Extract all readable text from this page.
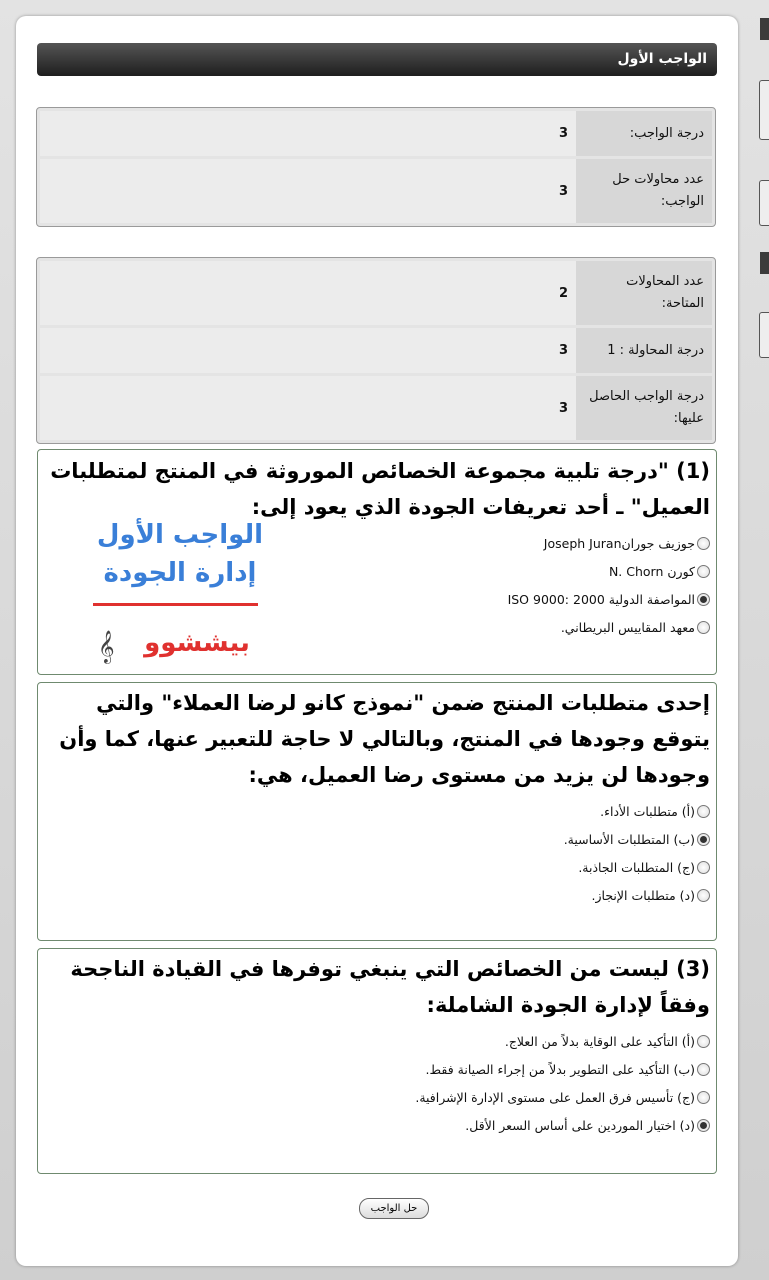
الواجب الأول
درجة الواجب:
3
عدد محاولات حل الواجب:
3
عدد المحاولات المتاحة:
2
درجة المحاولة : 1
3
درجة الواجب الحاصل عليها:
3

(1) "درجة تلبية مجموعة الخصائص الموروثة في المنتج لمتطلبات العميل" ـ أحد تعريفات الجودة الذي يعود إلى:

جوزيف جورانJoseph Juran
كورن N. Chorn
المواصفة الدولية ISO 9000: 2000
معهد المقاييس البريطاني.

إحدى متطلبات المنتج ضمن "نموذج كانو لرضا العملاء" والتي يتوقع وجودها في المنتج، وبالتالي لا حاجة للتعبير عنها، كما وأن وجودها لن يزيد من مستوى رضا العميل، هي:

(أ) متطلبات الأداء.
(ب) المتطلبات الأساسية.
(ج) المتطلبات الجاذبة.
(د) متطلبات الإنجاز.

(3) ليست من الخصائص التي ينبغي توفرها في القيادة الناجحة وفقاً لإدارة الجودة الشاملة:

(أ) التأكيد على الوقاية بدلاً من العلاج.
(ب) التأكيد على التطوير بدلاً من إجراء الصيانة فقط.
(ج) تأسيس فرق العمل على مستوى الإدارة الإشرافية.
(د) اختيار الموردين على أساس السعر الأقل.
حل الواجب
الواجب الأول
إدارة الجودة
بيششوو
𝄞
